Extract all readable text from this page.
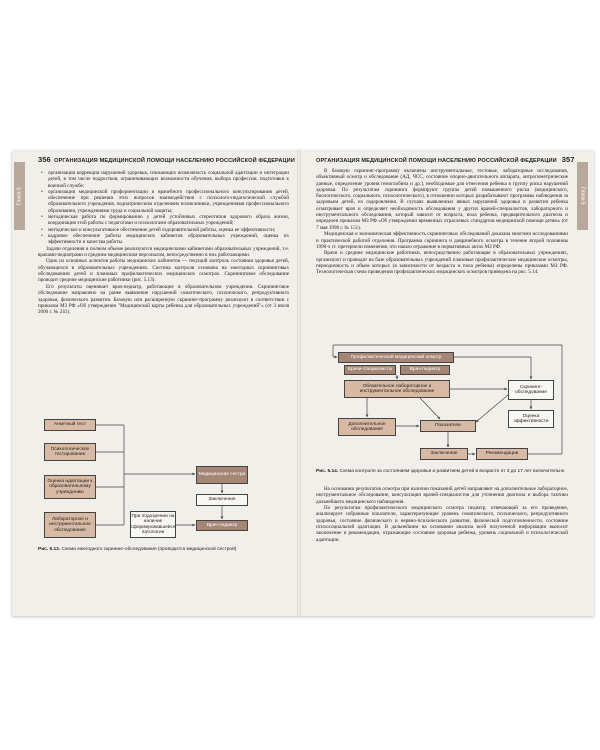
Глава 5
356 ОРГАНИЗАЦИЯ МЕДИЦИНСКОЙ ПОМОЩИ НАСЕЛЕНИЮ РОССИЙСКОЙ ФЕДЕРАЦИИ
• организация коррекции нарушений здоровья, снижающих возможность социальной адаптации и интеграции детей, в том числе подростков, ограничивающих возможности обучения, выбора профессии, подготовки к военной службе;
• организация медицинской профориентации и врачебного профессионального консультирования детей, обеспечение при решении этих вопросов взаимодействия с психолого-педагогической службой образовательного учреждения, педиатрическим отделением поликлиники, учреждениями профессионального образования, учреждениями труда и социальной защиты;
• методическая работа по формированию у детей устойчивых стереотипов здорового образа жизни, координация этой работы с педагогами и психологами образовательных учреждений;
• методическое и консультативное обеспечение детей оздоровительной работы, оценка ее эффективности;
• кадровое обеспечение работы медицинских кабинетов образовательных учреждений, оценка их эффективности и качества работы.

Задачи отделения в полном объеме реализуются медицинскими кабинетами образовательных учреждений, т.е. врачами-педиатрами и средним медицинским персоналом, непосредственно в них работающими.

Одно из основных аспектов работы медицинских кабинетов — текущий контроль состояния здоровья детей, обучающихся в образовательных учреждениях. Система контроля основана на ежегодных скрининговых обследованиях детей и плановых профилактических медицинских осмотрах. Скрининговое обследование проводит средние медицинские работники (рис. 5.13).

Его результаты оценивает врач-педиатр, работающие в образовательном учреждении. Скрининговое обследование направлено на ранее выявление нарушений соматического, психического, репродуктивного здоровья, физического развития. Базовую или расширенную скрининг-программу реализуют в соответствии с приказом МЗ РФ «Об утверждении "Медицинской карты ребенка для образовательных учреждений"» (от 3 июля 2000 г. № 241).

Анкетный тест
Психологическое тестирование
Оценка адаптации к образовательному учреждению
Лабораторное и инструментальное обследование
Медицинская сестра
Заключение
При подозрении на наличие сформировавшейся патологии
Врач-педиатр
Рис. 5.13. Схема ежегодного скрининг-обследования (проводится медицинской сестрой)
Глава 5
ОРГАНИЗАЦИЯ МЕДИЦИНСКОЙ ПОМОЩИ НАСЕЛЕНИЮ РОССИЙСКОЙ ФЕДЕРАЦИИ 357

В базовую скрининг-программу включены инструментальные, тестовые, лабораторные исследования, объективный осмотр и обследование (АД, ЧСС, состояние опорно-двигательного аппарата, антропометрические данные, определение уровня гемоглобина и др.), необходимые для отнесения ребенка в группу риска нарушений здоровья. По результатам скрининга формируют группы детей повышенного риска (медицинского, биологического, социального, психологического), в отношении которых разрабатывают программы наблюдения за здоровьем детей, их оздоровления. В случаях выявленных явных нарушений здоровья и развития ребенка осматривает врач и определяет необходимость обследования у других врачей-специалистов, лабораторного и инструментального обследования, который зависит от возраста, пола ребенка, предварительного диагноза и определен приказом МЗ РФ «Об утверждении временных отраслевых стандартов медицинской помощи детям» (от 7 мая 1998 г. № 151).

Медицинская и экономическая эффективность скрининговых обследований доказана многими исследованиями и практической работой отделения. Программа скрининга и доврачебного осмотра в течение второй половины 1990-х гг. претерпели изменения, что нашло отражение в нормативных актах МЗ РФ.

Врачи и средние медицинские работники, непосредственно работающие в образовательных учреждениях, организуют и проводят на базе образовательных учреждений плановые профилактические медицинские осмотры, периодичность и объем которых (в зависимости от возраста и пола ребенка) определены приказами МЗ РФ. Технологическая схема проведения профилактических медицинских осмотров приведена на рис. 5.14.

Профилактический медицинский осмотр
Врачи-специалисты	Врач-педиатр
Обязательное лабораторное и инструментальное обследование
Скрининг-обследование
Дополнительное обследование
Показатели
Оценка эффективности
Заключение	Рекомендации
Рис. 5.14. Схема контроля за состоянием здоровья и развитием детей в возрасте от 3 до 17 лет включительно

На основании результатов осмотра при наличии показаний детей направляют на дополнительное лабораторное, инструментальное обследование, консультации врачей-специалистов для уточнения диагноза и выбора тактики дальнейшего медицинского наблюдения.

По результатам профилактического медицинского осмотра педиатр, отвечающий за его проведение, анализирует собранные показатели, характеризующие уровень соматического, психического, репродуктивного здоровья, состояние физического и нервно-психического развития, физической подготовленности, состояние психосоциальной адаптации. В дальнейшем на основании анализа всей полученной информации выносит заключение и рекомендации, отражающие состояние здоровья ребенка, уровень социальной и психологической адаптации.
